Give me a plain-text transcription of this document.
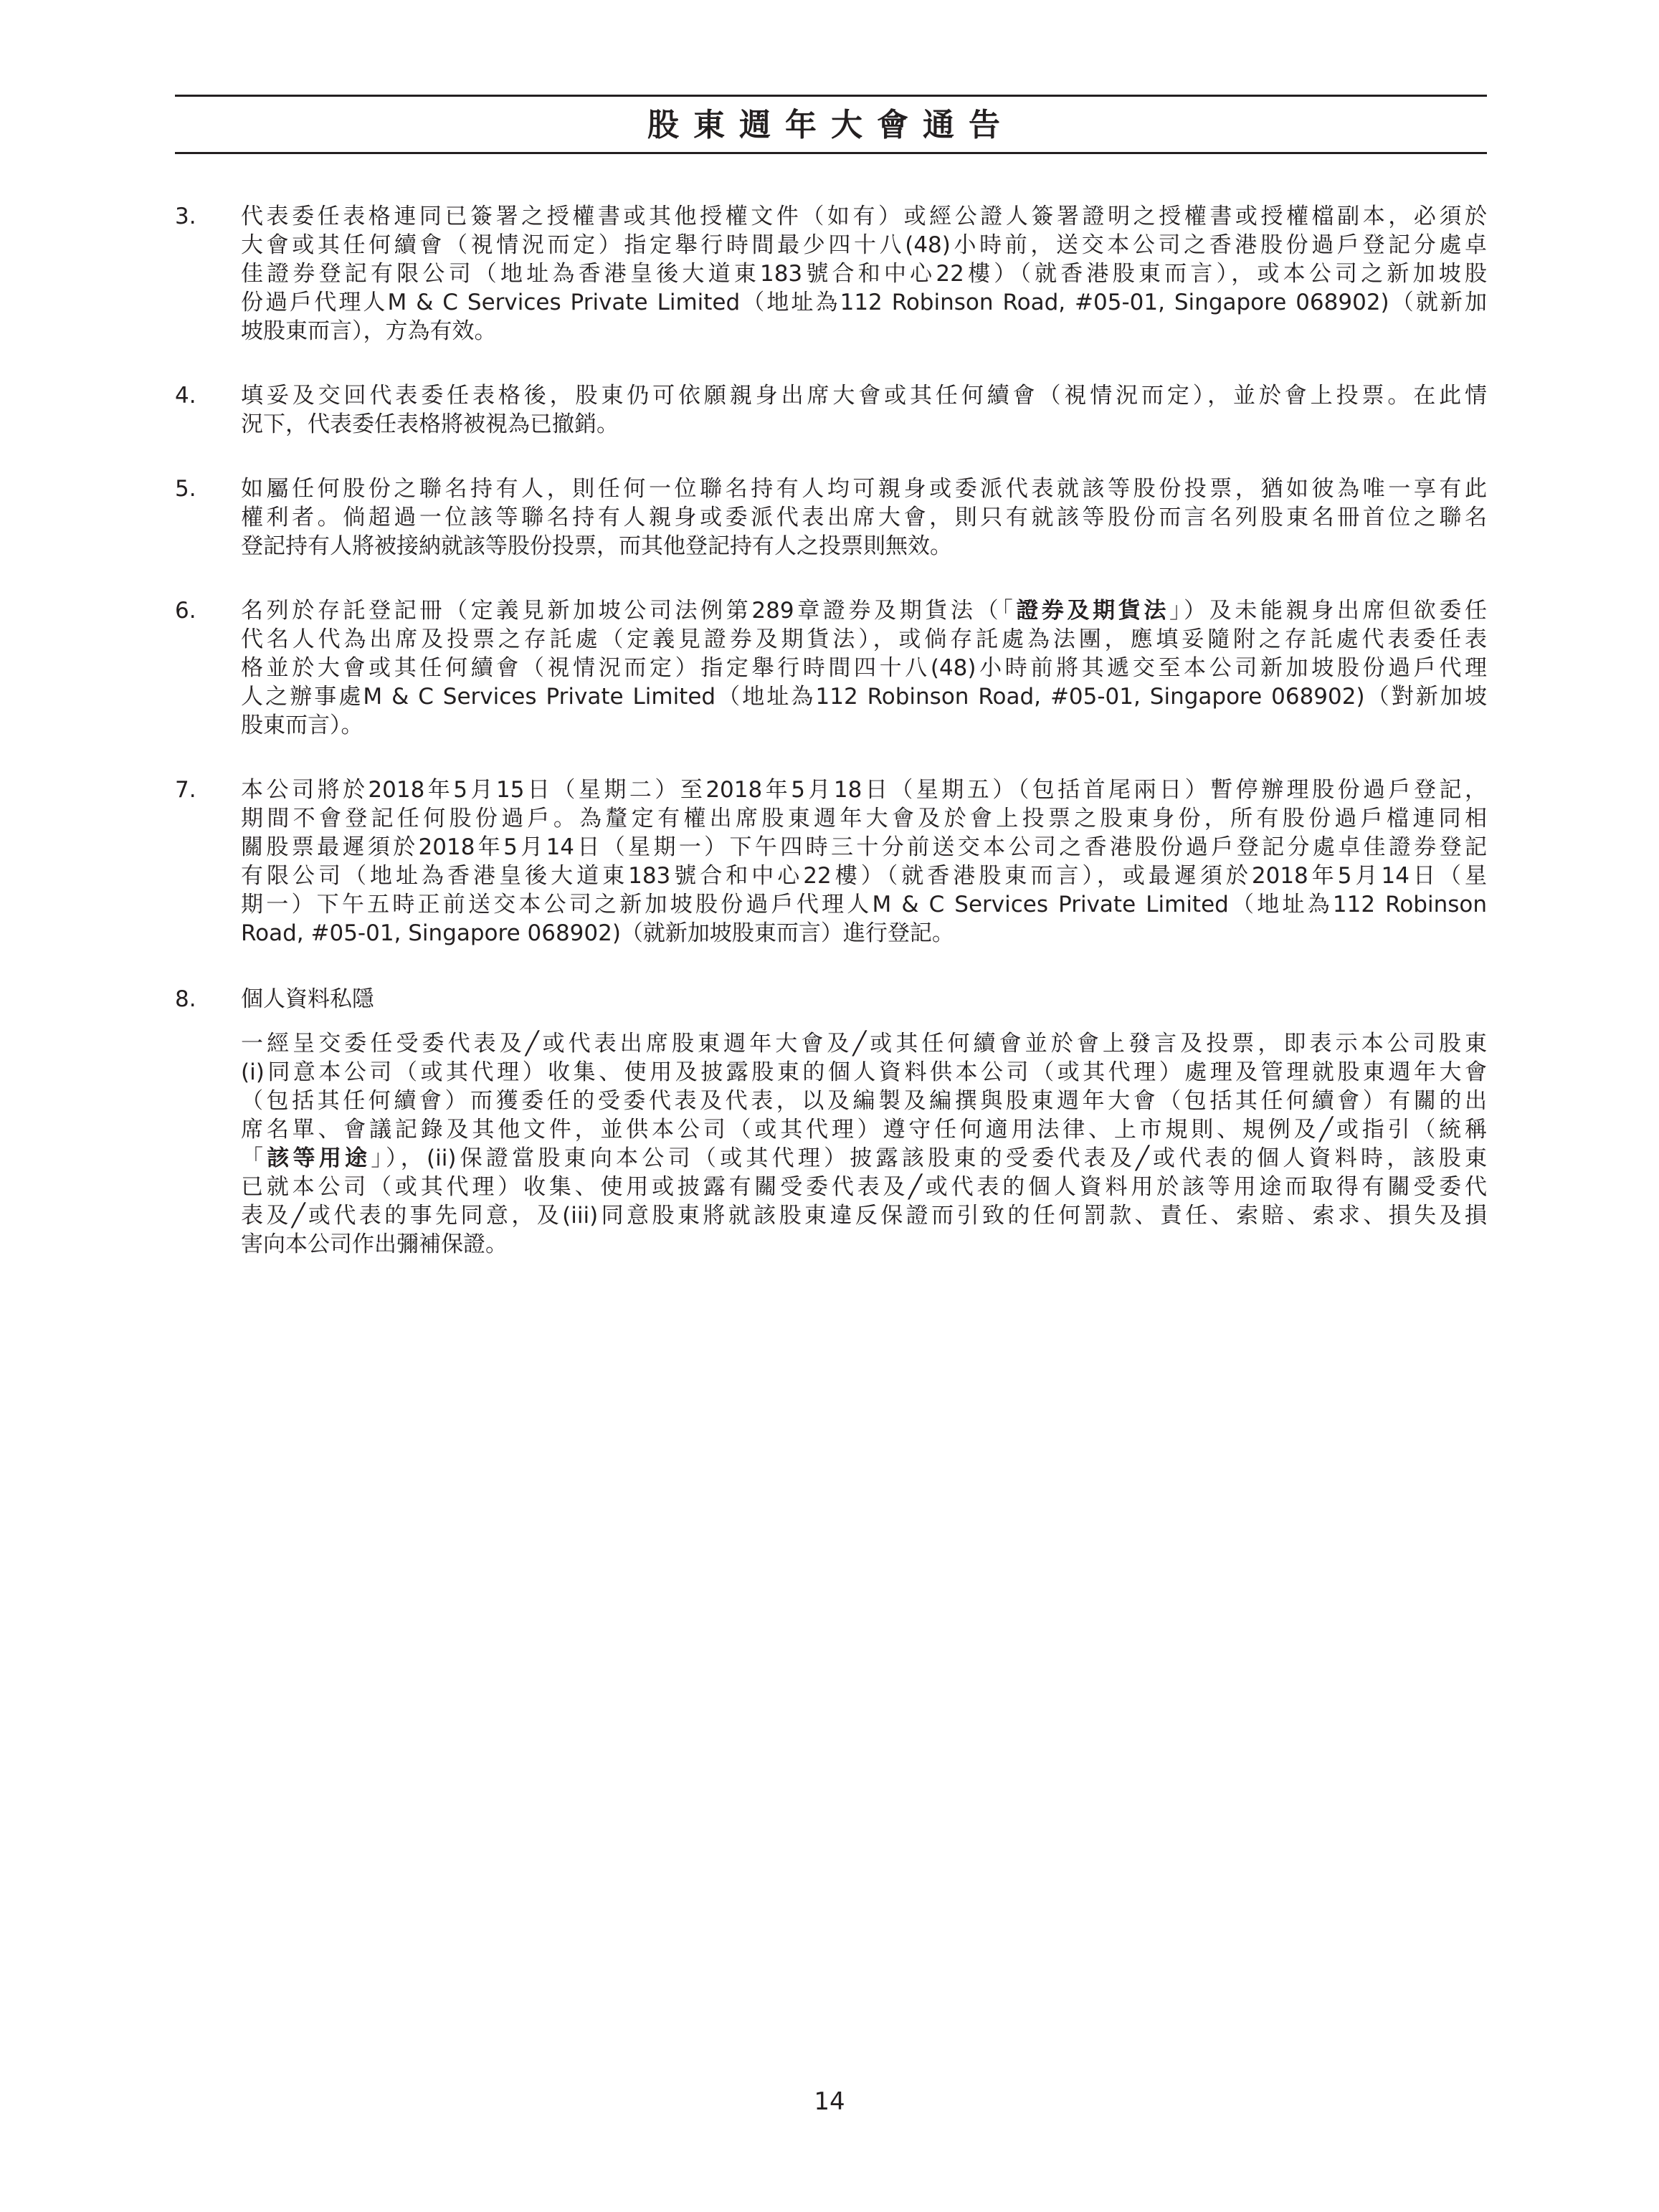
股東週年大會通告
3. 代表委任表格連同已簽署之授權書或其他授權文件（如有）或經公證人簽署證明之授權書或授權檔副本，必須於
大會或其任何續會（視情況而定）指定舉行時間最少四十八(48)小時前，送交本公司之香港股份過戶登記分處卓
佳證券登記有限公司（地址為香港皇後大道東183號合和中心22樓）（就香港股東而言），或本公司之新加坡股
份過戶代理人M & C Services Private Limited（地址為112 Robinson Road, #05-01, Singapore 068902)（就新加
坡股東而言），方為有效。
4. 填妥及交回代表委任表格後，股東仍可依願親身出席大會或其任何續會（視情況而定），並於會上投票。在此情
況下，代表委任表格將被視為已撤銷。
5. 如屬任何股份之聯名持有人，則任何一位聯名持有人均可親身或委派代表就該等股份投票，猶如彼為唯一享有此
權利者。倘超過一位該等聯名持有人親身或委派代表出席大會，則只有就該等股份而言名列股東名冊首位之聯名
登記持有人將被接納就該等股份投票，而其他登記持有人之投票則無效。
6. 名列於存託登記冊（定義見新加坡公司法例第289章證券及期貨法（「證券及期貨法」）及未能親身出席但欲委任
代名人代為出席及投票之存託處（定義見證券及期貨法），或倘存託處為法團，應填妥隨附之存託處代表委任表
格並於大會或其任何續會（視情況而定）指定舉行時間四十八(48)小時前將其遞交至本公司新加坡股份過戶代理
人之辦事處M & C Services Private Limited（地址為112 Robinson Road, #05-01, Singapore 068902)（對新加坡
股東而言）。
7. 本公司將於2018年5月15日（星期二）至2018年5月18日（星期五）（包括首尾兩日）暫停辦理股份過戶登記，
期間不會登記任何股份過戶。為釐定有權出席股東週年大會及於會上投票之股東身份，所有股份過戶檔連同相
關股票最遲須於2018年5月14日（星期一）下午四時三十分前送交本公司之香港股份過戶登記分處卓佳證券登記
有限公司（地址為香港皇後大道東183號合和中心22樓）（就香港股東而言），或最遲須於2018年5月14日（星
期一）下午五時正前送交本公司之新加坡股份過戶代理人M & C Services Private Limited（地址為112 Robinson
Road, #05-01, Singapore 068902)（就新加坡股東而言）進行登記。
8. 個人資料私隱
一經呈交委任受委代表及╱或代表出席股東週年大會及╱或其任何續會並於會上發言及投票，即表示本公司股東
(i)同意本公司（或其代理）收集、使用及披露股東的個人資料供本公司（或其代理）處理及管理就股東週年大會
（包括其任何續會）而獲委任的受委代表及代表，以及編製及編撰與股東週年大會（包括其任何續會）有關的出
席名單、會議記錄及其他文件，並供本公司（或其代理）遵守任何適用法律、上市規則、規例及╱或指引（統稱
「該等用途」），(ii)保證當股東向本公司（或其代理）披露該股東的受委代表及╱或代表的個人資料時，該股東
已就本公司（或其代理）收集、使用或披露有關受委代表及╱或代表的個人資料用於該等用途而取得有關受委代
表及╱或代表的事先同意，及(iii)同意股東將就該股東違反保證而引致的任何罰款、責任、索賠、索求、損失及損
害向本公司作出彌補保證。
14
